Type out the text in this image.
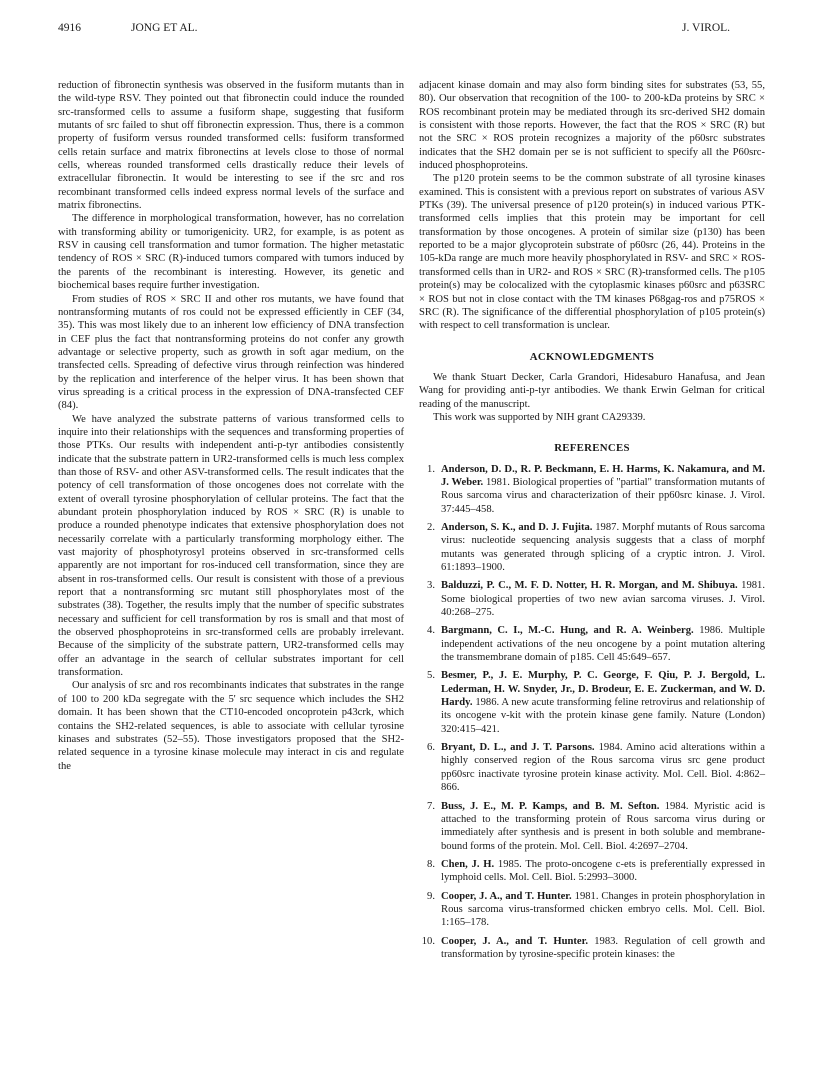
4916	JONG ET AL.	J. VIROL.

reduction of fibronectin synthesis was observed in the fusiform mutants than in the wild-type RSV. They pointed out that fibronectin could induce the rounded src-transformed cells to assume a fusiform shape, suggesting that fusiform mutants of src failed to shut off fibronectin expression. Thus, there is a common property of fusiform versus rounded transformed cells: fusiform transformed cells retain surface and matrix fibronectins at levels close to those of normal cells, whereas rounded transformed cells drastically reduce their levels of extracellular fibronectin. It would be interesting to see if the src and ros recombinant transformed cells indeed express normal levels of the surface and matrix fibronectins.

The difference in morphological transformation, however, has no correlation with transforming ability or tumorigenicity. UR2, for example, is as potent as RSV in causing cell transformation and tumor formation. The higher metastatic tendency of ROS × SRC (R)-induced tumors compared with tumors induced by the parents of the recombinant is interesting. However, its genetic and biochemical bases require further investigation.

From studies of ROS × SRC II and other ros mutants, we have found that nontransforming mutants of ros could not be expressed efficiently in CEF (34, 35). This was most likely due to an inherent low efficiency of DNA transfection in CEF plus the fact that nontransforming proteins do not confer any growth advantage or selective property, such as growth in soft agar medium, on the transfected cells. Spreading of defective virus through reinfection was hindered by the replication and interference of the helper virus. It has been shown that virus spreading is a critical process in the expression of DNA-transfected CEF (84).

We have analyzed the substrate patterns of various transformed cells to inquire into their relationships with the sequences and transforming properties of those PTKs. Our results with independent anti-p-tyr antibodies consistently indicate that the substrate pattern in UR2-transformed cells is much less complex than those of RSV- and other ASV-transformed cells. The result indicates that the potency of cell transformation of those oncogenes does not correlate with the extent of overall tyrosine phosphorylation of cellular proteins. The fact that the abundant protein phosphorylation induced by ROS × SRC (R) is unable to produce a rounded phenotype indicates that extensive phosphorylation does not necessarily correlate with a particularly transforming morphology either. The vast majority of phosphotyrosyl proteins observed in src-transformed cells apparently are not important for ros-induced cell transformation, since they are absent in ros-transformed cells. Our result is consistent with those of a previous report that a nontransforming src mutant still phosphorylates most of the substrates (38). Together, the results imply that the number of specific substrates necessary and sufficient for cell transformation by ros is small and that most of the observed phosphoproteins in src-transformed cells are probably irrelevant. Because of the simplicity of the substrate pattern, UR2-transformed cells may offer an advantage in the search of cellular substrates important for cell transformation.

Our analysis of src and ros recombinants indicates that substrates in the range of 100 to 200 kDa segregate with the 5' src sequence which includes the SH2 domain. It has been shown that the CT10-encoded oncoprotein p43crk, which contains the SH2-related sequences, is able to associate with cellular tyrosine kinases and substrates (52–55). Those investigators proposed that the SH2-related sequence in a tyrosine kinase molecule may interact in cis and regulate the

adjacent kinase domain and may also form binding sites for substrates (53, 55, 80). Our observation that recognition of the 100- to 200-kDa proteins by SRC × ROS recombinant protein may be mediated through its src-derived SH2 domain is consistent with those reports. However, the fact that the ROS × SRC (R) but not the SRC × ROS protein recognizes a majority of the p60src substrates indicates that the SH2 domain per se is not sufficient to specify all the P60src-induced phosphoproteins.

The p120 protein seems to be the common substrate of all tyrosine kinases examined. This is consistent with a previous report on substrates of various ASV PTKs (39). The universal presence of p120 protein(s) in induced various PTK-transformed cells implies that this protein may be important for cell transformation by those oncogenes. A protein of similar size (p130) has been reported to be a major glycoprotein substrate of p60src (26, 44). Proteins in the 105-kDa range are much more heavily phosphorylated in RSV- and SRC × ROS-transformed cells than in UR2- and ROS × SRC (R)-transformed cells. The p105 protein(s) may be colocalized with the cytoplasmic kinases p60src and p63SRC × ROS but not in close contact with the TM kinases P68gag-ros and p75ROS × SRC (R). The significance of the differential phosphorylation of p105 protein(s) with respect to cell transformation is unclear.

ACKNOWLEDGMENTS

We thank Stuart Decker, Carla Grandori, Hidesaburo Hanafusa, and Jean Wang for providing anti-p-tyr antibodies. We thank Erwin Gelman for critical reading of the manuscript.

This work was supported by NIH grant CA29339.

REFERENCES
1. Anderson, D. D., R. P. Beckmann, E. H. Harms, K. Nakamura, and M. J. Weber. 1981. Biological properties of "partial" transformation mutants of Rous sarcoma virus and characterization of their pp60src kinase. J. Virol. 37:445–458.
2. Anderson, S. K., and D. J. Fujita. 1987. Morphf mutants of Rous sarcoma virus: nucleotide sequencing analysis suggests that a class of morphf mutants was generated through splicing of a cryptic intron. J. Virol. 61:1893–1900.
3. Balduzzi, P. C., M. F. D. Notter, H. R. Morgan, and M. Shibuya. 1981. Some biological properties of two new avian sarcoma viruses. J. Virol. 40:268–275.
4. Bargmann, C. I., M.-C. Hung, and R. A. Weinberg. 1986. Multiple independent activations of the neu oncogene by a point mutation altering the transmembrane domain of p185. Cell 45:649–657.
5. Besmer, P., J. E. Murphy, P. C. George, F. Qiu, P. J. Bergold, L. Lederman, H. W. Snyder, Jr., D. Brodeur, E. E. Zuckerman, and W. D. Hardy. 1986. A new acute transforming feline retrovirus and relationship of its oncogene v-kit with the protein kinase gene family. Nature (London) 320:415–421.
6. Bryant, D. L., and J. T. Parsons. 1984. Amino acid alterations within a highly conserved region of the Rous sarcoma virus src gene product pp60src inactivate tyrosine protein kinase activity. Mol. Cell. Biol. 4:862–866.
7. Buss, J. E., M. P. Kamps, and B. M. Sefton. 1984. Myristic acid is attached to the transforming protein of Rous sarcoma virus during or immediately after synthesis and is present in both soluble and membrane-bound forms of the protein. Mol. Cell. Biol. 4:2697–2704.
8. Chen, J. H. 1985. The proto-oncogene c-ets is preferentially expressed in lymphoid cells. Mol. Cell. Biol. 5:2993–3000.
9. Cooper, J. A., and T. Hunter. 1981. Changes in protein phosphorylation in Rous sarcoma virus-transformed chicken embryo cells. Mol. Cell. Biol. 1:165–178.
10. Cooper, J. A., and T. Hunter. 1983. Regulation of cell growth and transformation by tyrosine-specific protein kinases: the
